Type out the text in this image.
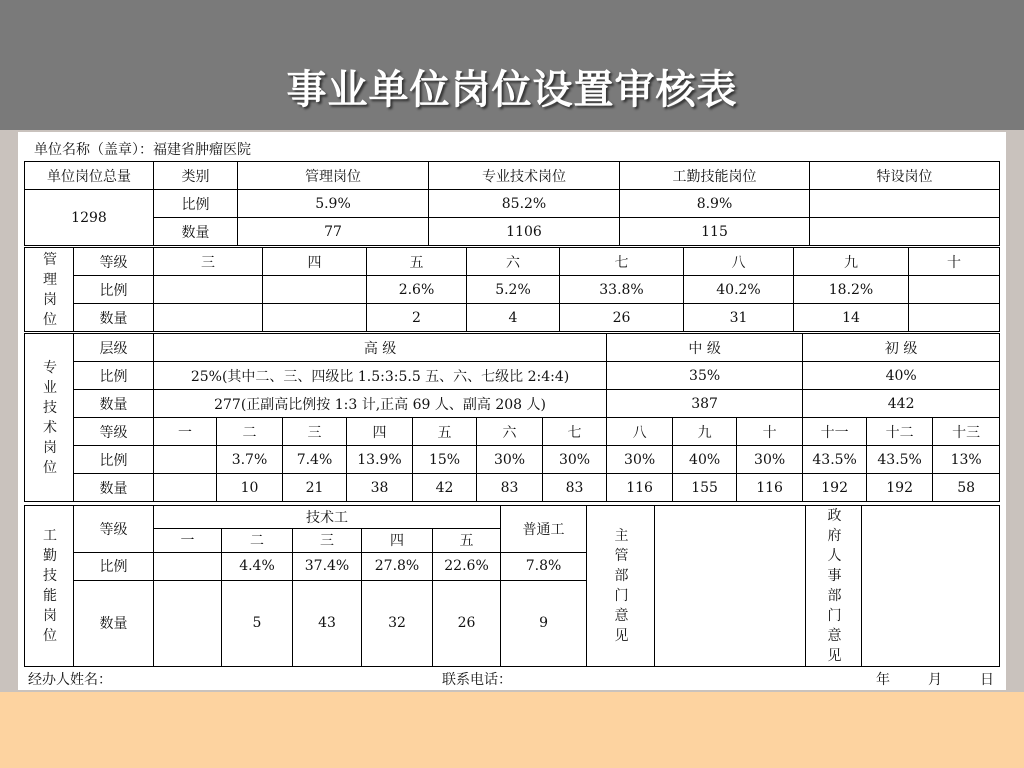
事业单位岗位设置审核表
单位名称（盖章）：福建省肿瘤医院
单位岗位总量	类别	管理岗位	专业技术岗位	工勤技能岗位	特设岗位
1298	比例	5.9%	85.2%	8.9%	
	数量	77	1106	115	
管理岗位	等级	三	四	五	六	七	八	九	十
	比例			2.6%	5.2%	33.8%	40.2%	18.2%	
	数量			2	4	26	31	14	
专业技术岗位	层级	高 级							中 级			初 级		
	比例	25%(其中二、三、四级比 1.5:3:5.5 五、六、七级比 2:4:4)							35%			40%		
	数量	277(正副高比例按 1:3 计,正高 69 人、副高 208 人)							387			442		
	等级	一	二	三	四	五	六	七	八	九	十	十一	十二	十三
	比例		3.7%	7.4%	13.9%	15%	30%	30%	30%	40%	30%	43.5%	43.5%	13%
	数量		10	21	38	42	83	83	116	155	116	192	192	58
工勤技能岗位	等级	技术工					普通工	主管部门意见		政府人事部门意见	

		一	二	三	四	五					
	比例		4.4%	37.4%	27.8%	22.6%	7.8%				
	数量		5	43	32	26	9				
经办人姓名：	联系电话：	年	月	日
